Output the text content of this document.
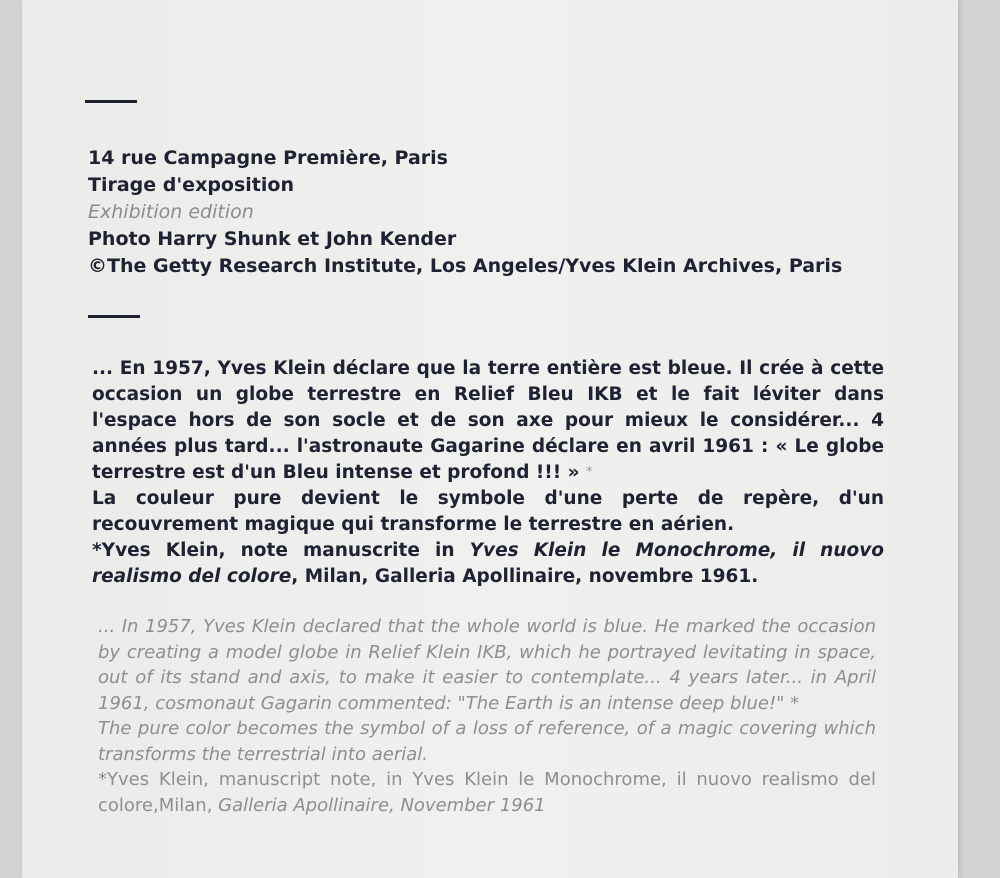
14 rue Campagne Première, Paris
Tirage d'exposition
Exhibition edition
Photo Harry Shunk et John Kender
©The Getty Research Institute, Los Angeles/Yves Klein Archives, Paris

... En 1957, Yves Klein déclare que la terre entière est bleue. Il crée à cette occasion un globe terrestre en Relief Bleu IKB et le fait léviter dans l'espace hors de son socle et de son axe pour mieux le considérer... 4 années plus tard... l'astronaute Gagarine déclare en avril 1961 : « Le globe terrestre est d'un Bleu intense et profond !!! » *

La couleur pure devient le symbole d'une perte de repère, d'un recouvrement magique qui transforme le terrestre en aérien.

*Yves Klein, note manuscrite in Yves Klein le Monochrome, il nuovo realismo del colore, Milan, Galleria Apollinaire, novembre 1961.

... In 1957, Yves Klein declared that the whole world is blue. He marked the occasion by creating a model globe in Relief Klein IKB, which he portrayed levitating in space, out of its stand and axis, to make it easier to contemplate... 4 years later... in April 1961, cosmonaut Gagarin commented: "The Earth is an intense deep blue!" *

The pure color becomes the symbol of a loss of reference, of a magic covering which transforms the terrestrial into aerial.

*Yves Klein, manuscript note, in Yves Klein le Monochrome, il nuovo realismo del colore,Milan, Galleria Apollinaire, November 1961
